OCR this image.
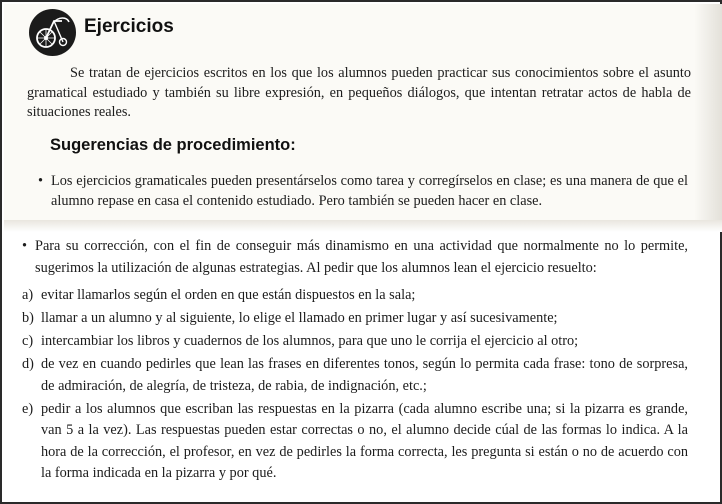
Ejercicios

Se tratan de ejercicios escritos en los que los alumnos pueden practicar sus conocimientos sobre el asunto gramatical estudiado y también su libre expresión, en pequeños diálogos, que intentan retratar actos de habla de situaciones reales.

Sugerencias de procedimiento:
• Los ejercicios gramaticales pueden presentárselos como tarea y corregírselos en clase; es una manera de que el alumno repase en casa el contenido estudiado. Pero también se pueden hacer en clase.
• Para su corrección, con el fin de conseguir más dinamismo en una actividad que normalmente no lo permite, sugerimos la utilización de algunas estrategias. Al pedir que los alumnos lean el ejercicio resuelto:
a) evitar llamarlos según el orden en que están dispuestos en la sala;
b) llamar a un alumno y al siguiente, lo elige el llamado en primer lugar y así sucesivamente;
c) intercambiar los libros y cuadernos de los alumnos, para que uno le corrija el ejercicio al otro;
d) de vez en cuando pedirles que lean las frases en diferentes tonos, según lo permita cada frase: tono de sorpresa, de admiración, de alegría, de tristeza, de rabia, de indignación, etc.;
e) pedir a los alumnos que escriban las respuestas en la pizarra (cada alumno escribe una; si la pizarra es grande, van 5 a la vez). Las respuestas pueden estar correctas o no, el alumno decide cúal de las formas lo indica. A la hora de la corrección, el profesor, en vez de pedirles la forma correcta, les pregunta si están o no de acuerdo con la forma indicada en la pizarra y por qué.
